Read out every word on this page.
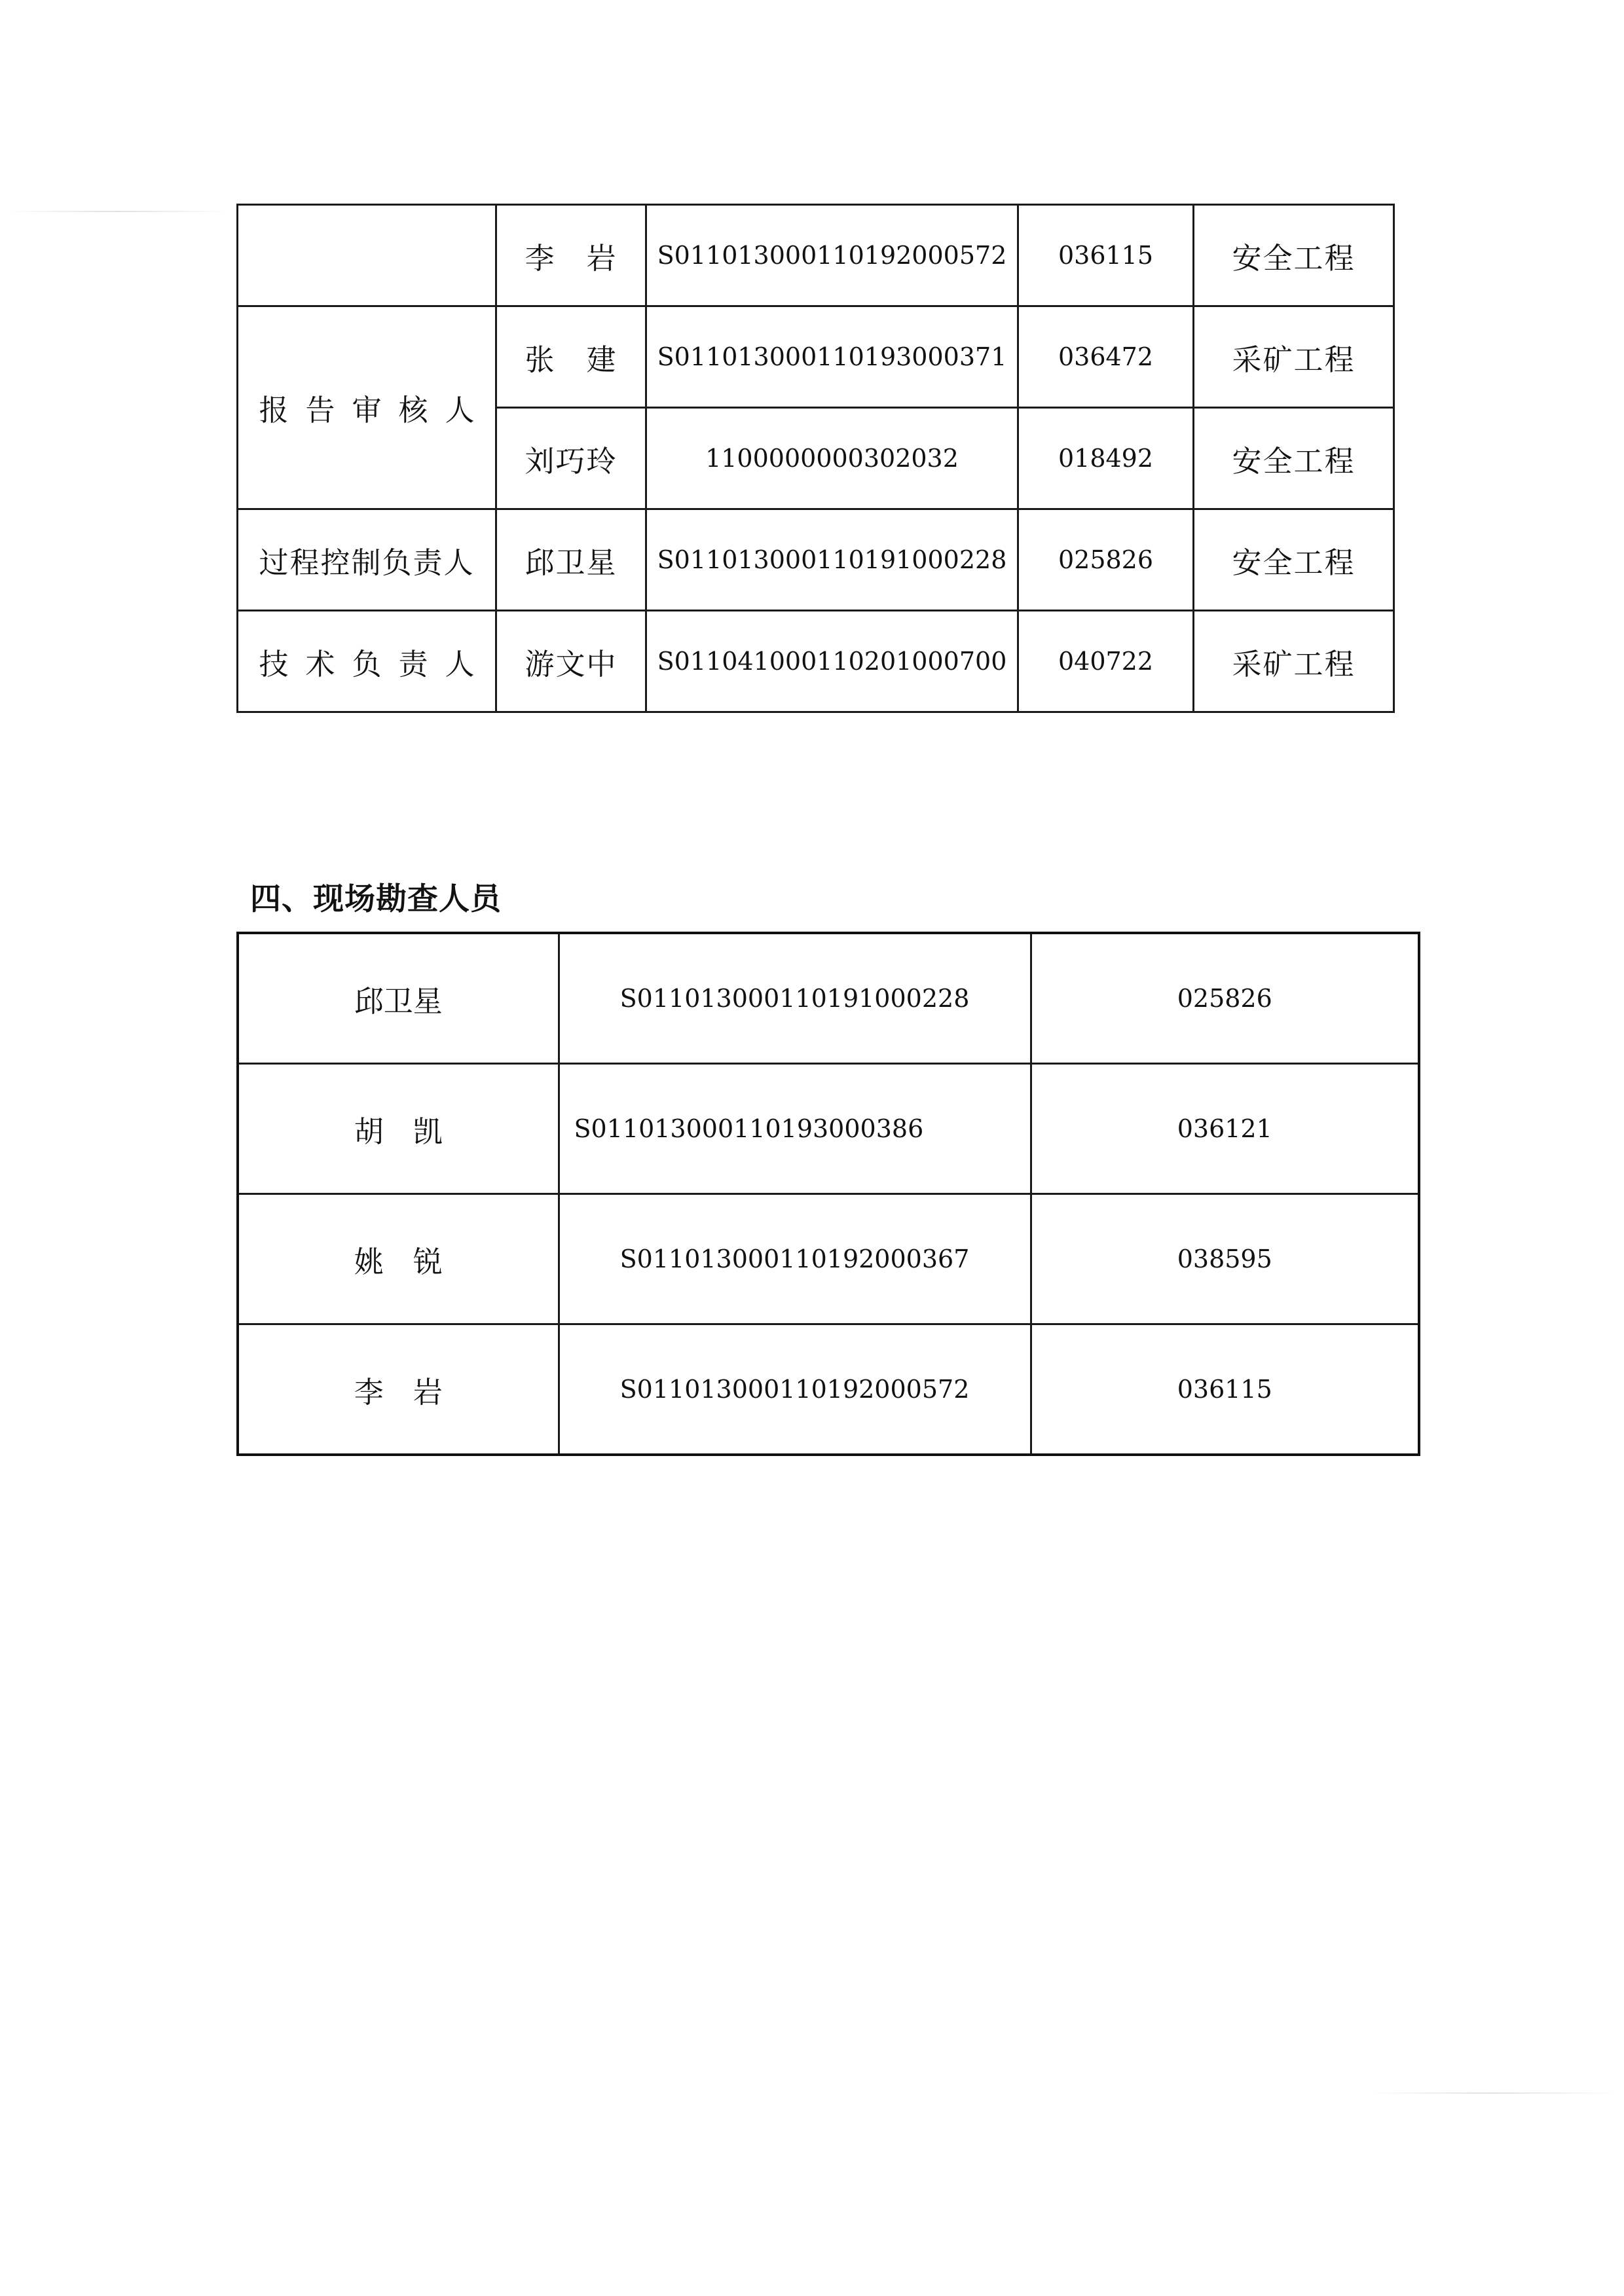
	李　岩	S011013000110192000572	036115	安全工程
报告审核人	张　建	S011013000110193000371	036472	采矿工程
	刘巧玲	1100000000302032	018492	安全工程
过程控制负责人	邱卫星	S011013000110191000228	025826	安全工程
技术负责人	游文中	S011041000110201000700	040722	采矿工程
四、现场勘查人员
邱卫星	S011013000110191000228	025826
胡　凯	S011013000110193000386	036121
姚　锐	S011013000110192000367	038595
李　岩	S011013000110192000572	036115
